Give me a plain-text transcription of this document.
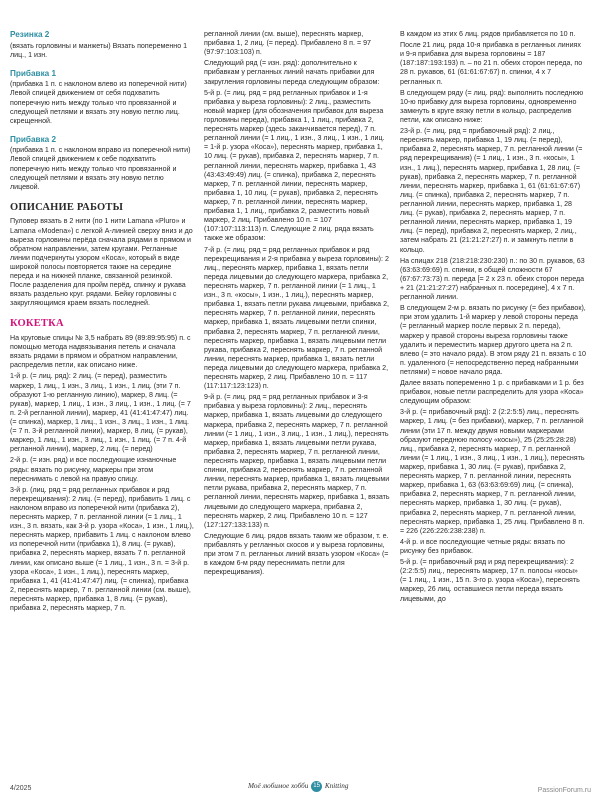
Резинка 2

(вязать горловины и манжеты) Вязать попеременно 1 лиц., 1 изн.

Прибавка 1

(прибавка 1 п. с наклоном влево из поперечной нити) Левой спицей движением от себя подхватить поперечную нить между только что провязанной и следующей петлями и вязать эту новую петлю лиц. скрещенной.

Прибавка 2

(прибавка 1 п. с наклоном вправо из поперечной нити) Левой спицей движением к себе подхватить поперечную нить между только что провязанной и следующей петлями и вязать эту новую петлю лицевой.

ОПИСАНИЕ РАБОТЫ

Пуловер вязать в 2 нити (по 1 нити Lamana «Pluro» и Lamana «Modena») с легкой А-линией сверху вниз и до выреза горловины перёда сначала рядами в прямом и обратном направлении, затем кругами. Регланные линии подчеркнуты узором «Коса», который в виде широкой полосы повторяется также на середине переда и на нижней планке, связанной резинкой. После разделения для пройм перёд, спинку и рукава вязать раздельно круг. рядами. Бейку горловины с закругляющимся краем вязать последней.

КОКЕТКА

На круговые спицы № 3,5 набрать 89 (89:89:95:95) п. с помощью метода надвязывания петель и сначала вязать рядами в прямом и обратном направлении, распределив петли, как описано ниже.

1-й р. (= лиц. ряд): 2 лиц. (= перед), разместить маркер, 1 лиц., 1 изн., 3 лиц., 1 изн., 1 лиц. (эти 7 п. образуют 1-ю регланную линию), маркер, 8 лиц. (= рукав), маркер, 1 лиц., 1 изн., 3 лиц., 1 изн., 1 лиц. (= 7 п. 2-й регланной линии), маркер, 41 (41:41:47:47) лиц. (= спинка), маркер, 1 лиц., 1 изн., 3 лиц., 1 изн., 1 лиц. (= 7 п. 3-й регланной линии), маркер, 8 лиц. (= рукав), маркер, 1 лиц., 1 изн., 3 лиц., 1 изн., 1 лиц. (= 7 п. 4-й регланной линии), маркер, 2 лиц. (= перед)

2-й р. (= изн. ряд) и все последующие изнаночные ряды: вязать по рисунку, маркеры при этом переснимать с левой на правую спицу.

3-й р. (лиц. ряд = ряд регланных прибавок и ряд перекрещивания): 2 лиц. (= перед), прибавить 1 лиц. с наклоном вправо из поперечной нити (прибавка 2), переснять маркер, 7 п. регланной линии (= 1 лиц., 1 изн., 3 п. вязать, как 3-й р. узора «Коса», 1 изн., 1 лиц.), переснять маркер, прибавить 1 лиц. с наклоном влево из поперечной нити (прибавка 1), 8 лиц. (= рукав), прибавка 2, переснять маркер, вязать 7 п. регланной линии, как описано выше (= 1 лиц., 1 изн., 3 п. = 3-й р. узора «Коса», 1 изн., 1 лиц.), переснять маркер, прибавка 1, 41 (41:41:47:47) лиц. (= спинка), прибавка 2, переснять маркер, 7 п. регланной линии (см. выше), переснять маркер, прибавка 1, 8 лиц. (= рукав), прибавка 2, переснять маркер, 7 п.

регланной линии (см. выше), переснять маркер, прибавка 1, 2 лиц. (= перед). Прибавлено 8 п. = 97 (97:97:103:103) п.

Следующий ряд (= изн. ряд): дополнительно к прибавкам у регланных линий начать прибавки для закругления горловины переда следующим образом:

5-й р. (= лиц. ряд = ряд регланных прибавок и 1-я прибавка у выреза горловины): 2 лиц., разместить новый маркер (для обозначения прибавок для выреза горловины переда), прибавка 1, 1 лиц., прибавка 2, переснять маркер (здесь заканчивается перед), 7 п. регланной линии (= 1 лиц., 1 изн., 3 лиц., 1 изн., 1 лиц. = 1-й р. узора «Коса»), переснять маркер, прибавка 1, 10 лиц. (= рукав), прибавка 2, переснять маркер, 7 п. регланной линии, переснять маркер, прибавка 1, 43 (43:43:49:49) лиц. (= спинка), прибавка 2, переснять маркер, 7 п. регланной линии, переснять маркер, прибавка 1, 10 лиц. (= рукав), прибавка 2, переснять маркер, 7 п. регланной линии, переснять маркер, прибавка 1, 1 лиц., прибавка 2, разместить новый маркер, 2 лиц. Прибавлено 10 п. = 107 (107:107:113:113) п. Следующие 2 лиц. ряда вязать также же образом:

7-й р. (= лиц. ряд = ряд регланных прибавок и ряд перекрещивания и 2-я прибавка у выреза горловины): 2 лиц., переснять маркер, прибавка 1, вязать петли переда лицевыми до следующего маркера, прибавка 2, переснять маркер, 7 п. регланной линии (= 1 лиц., 1 изн., 3 п. «косы», 1 изн., 1 лиц.), переснять маркер, прибавка 1, вязать петли рукава лицевыми, прибавка 2, переснять маркер, 7 п. регланной линии, переснять маркер, прибавка 1, вязать лицевыми петли спинки, прибавка 2, переснять маркер, 7 п. регланной линии, переснять маркер, прибавка 1, вязать лицевыми петли рукава, прибавка 2, переснять маркер, 7 п. регланной линии, переснять маркер, прибавка 1, вязать петли переда лицевыми до следующего маркера, прибавка 2, переснять маркер, 2 лиц. Прибавлено 10 п. = 117 (117:117:123:123) п.

9-й р. (= лиц. ряд = ряд регланных прибавок и 3-я прибавка у выреза горловины): 2 лиц., переснять маркер, прибавка 1, вязать лицевыми до следующего маркера, прибавка 2, переснять маркер, 7 п. регланной линии (= 1 лиц., 1 изн., 3 лиц., 1 изн., 1 лиц.), переснять маркер, прибавка 1, вязать лицевыми петли рукава, прибавка 2, переснять маркер, 7 п. регланной линии, переснять маркер, прибавка 1, вязать лицевыми петли спинки, прибавка 2, переснять маркер, 7 п. регланной линии, переснять маркер, прибавка 1, вязать лицевыми петли рукава, прибавка 2, переснять маркер, 7 п. регланной линии, переснять маркер, прибавка 1, вязать лицевыми до следующего маркера, прибавка 2, переснять маркер, 2 лиц. Прибавлено 10 п. = 127 (127:127:133:133) п.

Следующие 6 лиц. рядов вязать таким же образом, т. е. прибавлять у регланных скосов и у выреза горловины, при этом 7 п. регланных линий вязать узором «Коса» (= в каждом 6-м ряду переснимать петли для перекрещивания).

В каждом из этих 6 лиц. рядов прибавляется по 10 п.

После 21 лиц. ряда 10-я прибавка в регланных линиях и 9-я прибавка для выреза горловины = 187 (187:187:193:193) п. – по 21 п. обеих сторон переда, по 28 п. рукавов, 61 (61:61:67:67) п. спинки, 4 х 7 регланных п.

В следующем ряду (= лиц. ряд): выполнить последнюю 10-ю прибавку для выреза горловины, одновременно замкнуть в круге вязку петли в кольцо, распределив петли, как описано ниже:

23-й р. (= лиц. ряд = прибавочный ряд): 2 лиц., переснять маркер, прибавка 1, 19 лиц. (= перед), прибавка 2, переснять маркер, 7 п. регланной линии (= ряд перекрещивания) (= 1 лиц., 1 изн., 3 п. «косы», 1 изн., 1 лиц.), переснять маркер, прибавка 1, 28 лиц. (= рукав), прибавка 2, переснять маркер, 7 п. регланной линии, переснять маркер, прибавка 1, 61 (61:61:67:67) лиц. (= спинка), прибавка 2, переснять маркер, 7 п. регланной линии, переснять маркер, прибавка 1, 28 лиц. (= рукав), прибавка 2, переснять маркер, 7 п. регланной линии, переснять маркер, прибавка 1, 19 лиц. (= перед), прибавка 2, переснять маркер, 2 лиц., затем набрать 21 (21:21:27:27) п. и замкнуть петли в кольцо.

На спицах 218 (218:218:230:230) п.: по 30 п. рукавов, 63 (63:63:69:69) п. спинки, в общей сложности 67 (67:67:73:73) п. переда [= 2 x 23 п. обеих сторон переда + 21 (21:21:27:27) набранных п. посередине], 4 x 7 п. регланной линии.

В следующем 2-м р. вязать по рисунку (= без прибавок), при этом удалить 1-й маркер у левой стороны переда (= регланный маркер после первых 2 п. переда), маркер у правой стороны выреза горловины также удалить и переместить маркер другого цвета на 2 п. влево (= это начало ряда). В этом ряду 21 п. вязать с 10 п. удаленного (= непосредственно перед набранными петлями) = новое начало ряда.

Далее вязать попеременно 1 р. с прибавками и 1 р. без прибавок, новые петли распределить для узора «Коса» следующим образом:

3-й р. (= прибавочный ряд): 2 (2:2:5:5) лиц., переснять маркер, 1 лиц. (= без прибавки), маркер, 7 п. регланной линии (эти 17 п. между двумя новыми маркерами образуют переднюю полосу «косы»), 25 (25:25:28:28) лиц., прибавка 2, переснять маркер, 7 п. регланной линии (= 1 лиц., 1 изн., 3 лиц., 1 изн., 1 лиц.), переснять маркер, прибавка 1, 30 лиц. (= рукав), прибавка 2, переснять маркер, 7 п. регланной линии, переснять маркер, прибавка 1, 63 (63:63:69:69) лиц. (= спинка), прибавка 2, переснять маркер, 7 п. регланной линии, переснять маркер, прибавка 1, 30 лиц. (= рукав), прибавка 2, переснять маркер, 7 п. регланной линии, переснять маркер, прибавка 1, 25 лиц. Прибавлено 8 п. = 226 (226:226:238:238) п.

4-й р. и все последующие четные ряды: вязать по рисунку без прибавок.

5-й р. (= прибавочный ряд и ряд перекрещивания): 2 (2:2:5:5) лиц., переснять маркер, 17 п. полосы «косы» (= 1 лиц., 1 изн., 15 п. 3-го р. узора «Коса»), переснять маркер, 26 лиц. оставшиеся петли переда вязать лицевыми, до

4/2025	Моё любимое хобби 15 Knitting
PassionForum.ru
